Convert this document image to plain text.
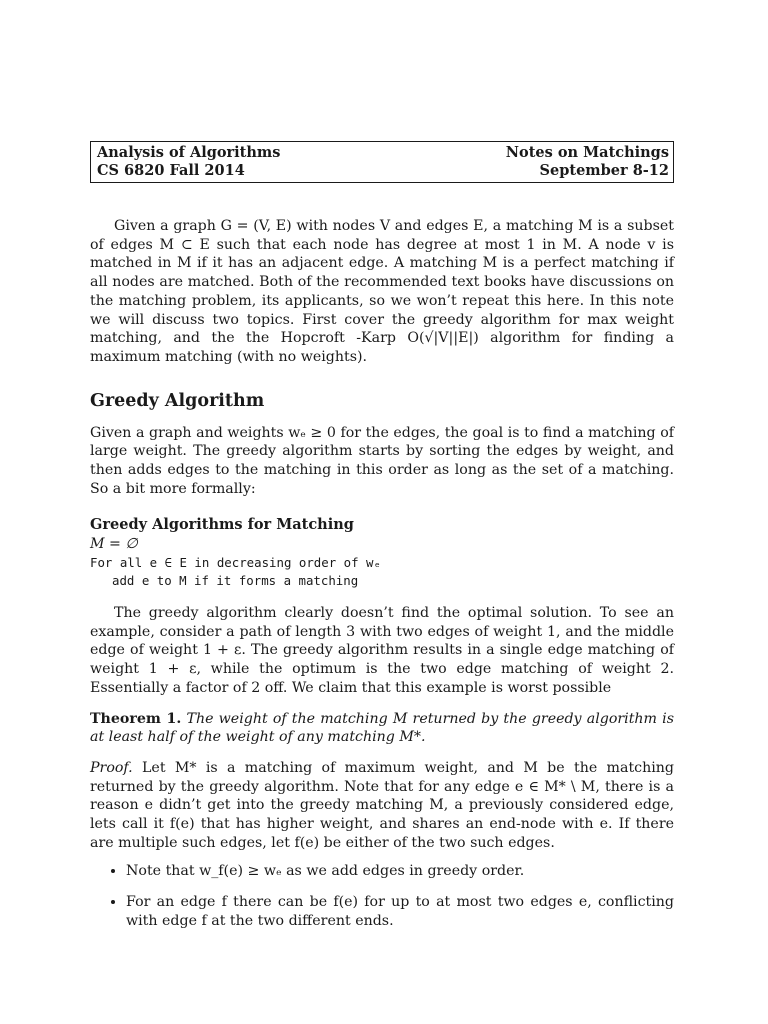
Analysis of Algorithms
CS 6820 Fall 2014
Notes on Matchings
September 8-12

Given a graph G = (V, E) with nodes V and edges E, a matching M is a subset of edges M ⊂ E such that each node has degree at most 1 in M. A node v is matched in M if it has an adjacent edge. A matching M is a perfect matching if all nodes are matched. Both of the recommended text books have discussions on the matching problem, its applicants, so we won’t repeat this here. In this note we will discuss two topics. First cover the greedy algorithm for max weight matching, and the the Hopcroft -Karp O(√|V||E|) algorithm for finding a maximum matching (with no weights).

Greedy Algorithm

Given a graph and weights wₑ ≥ 0 for the edges, the goal is to find a matching of large weight. The greedy algorithm starts by sorting the edges by weight, and then adds edges to the matching in this order as long as the set of a matching. So a bit more formally:

Greedy Algorithms for Matching
M = ∅
For all e ∈ E in decreasing order of wₑ
add e to M if it forms a matching

The greedy algorithm clearly doesn’t find the optimal solution. To see an example, consider a path of length 3 with two edges of weight 1, and the middle edge of weight 1 + ε. The greedy algorithm results in a single edge matching of weight 1 + ε, while the optimum is the two edge matching of weight 2. Essentially a factor of 2 off. We claim that this example is worst possible

Theorem 1. The weight of the matching M returned by the greedy algorithm is at least half of the weight of any matching M*.

Proof. Let M* is a matching of maximum weight, and M be the matching returned by the greedy algorithm. Note that for any edge e ∈ M* \ M, there is a reason e didn’t get into the greedy matching M, a previously considered edge, lets call it f(e) that has higher weight, and shares an end-node with e. If there are multiple such edges, let f(e) be either of the two such edges.

• Note that w_f(e) ≥ wₑ as we add edges in greedy order.
• For an edge f there can be f(e) for up to at most two edges e, conflicting with edge f at the two different ends.
